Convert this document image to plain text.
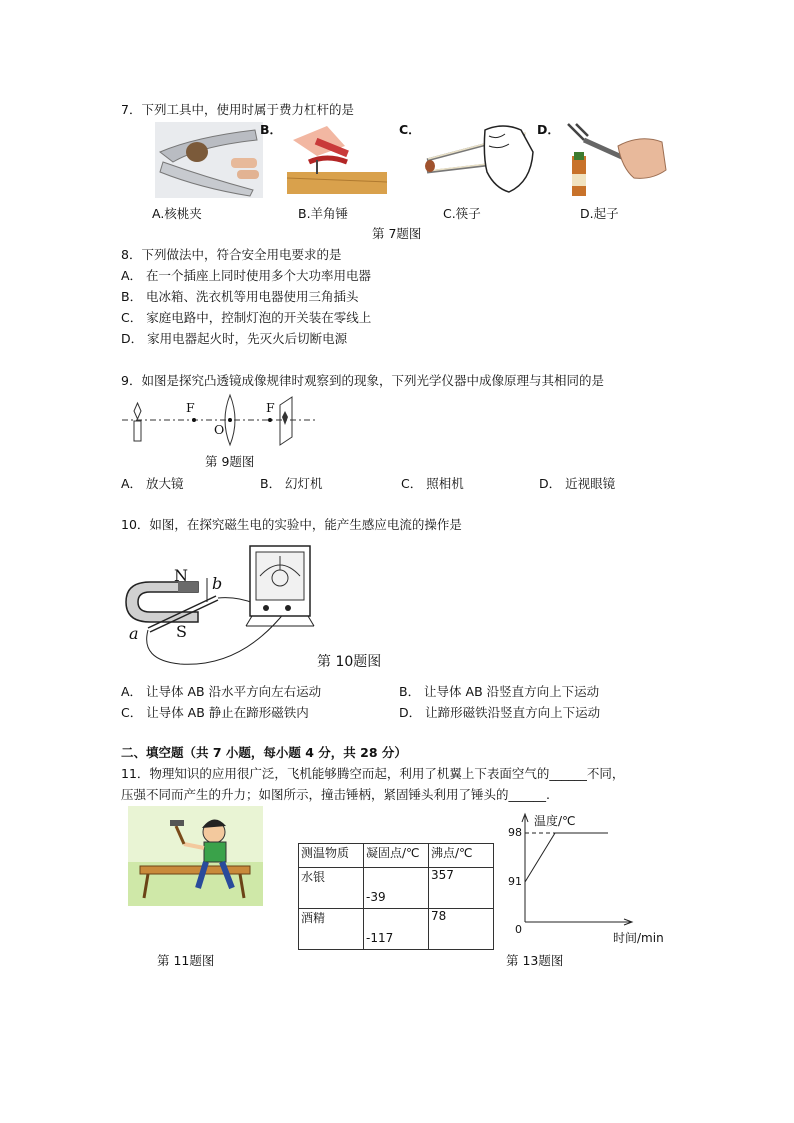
7．下列工具中，使用时属于费力杠杆的是
B．	C．	D．
A.核桃夹	B.羊角锤	C.筷子	D.起子
第 7题图
8．下列做法中，符合安全用电要求的是
A． 在一个插座上同时使用多个大功率用电器
B． 电冰箱、洗衣机等用电器使用三角插头
C． 家庭电路中，控制灯泡的开关装在零线上
D． 家用电器起火时，先灭火后切断电源
9．如图是探究凸透镜成像规律时观察到的现象，下列光学仪器中成像原理与其相同的是
F	F
O
第 9题图
A． 放大镜	B． 幻灯机	C． 照相机	D． 近视眼镜
10．如图，在探究磁生电的实验中，能产生感应电流的操作是
N
S
a
b
第 10题图
A． 让导体 AB 沿水平方向左右运动	B． 让导体 AB 沿竖直方向上下运动
C． 让导体 AB 静止在蹄形磁铁内	D． 让蹄形磁铁沿竖直方向上下运动
二、填空题（共 7 小题，每小题 4 分，共 28 分）
11．物理知识的应用很广泛，飞机能够腾空而起，利用了机翼上下表面空气的______不同，
压强不同而产生的升力；如图所示，撞击锤柄，紧固锤头利用了锤头的______.
第 11题图
测温物质	凝固点/℃	沸点/℃
水银	-39	357
酒精	-117	78
温度/℃
98
91
0
时间/min
第 13题图
